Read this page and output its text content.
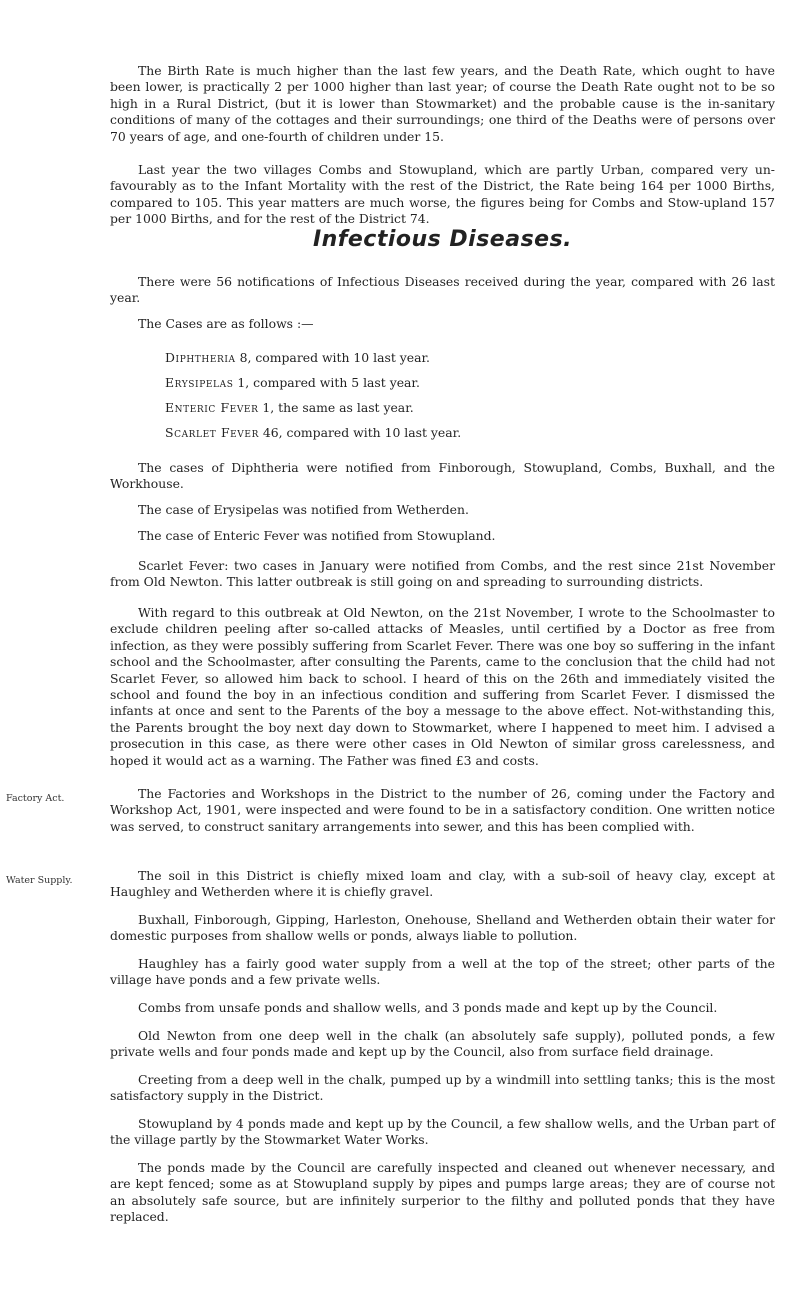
The Birth Rate is much higher than the last few years, and the Death Rate, which ought to have been lower, is practically 2 per 1000 higher than last year; of course the Death Rate ought not to be so high in a Rural District, (but it is lower than Stowmarket) and the probable cause is the in-sanitary conditions of many of the cottages and their surroundings; one third of the Deaths were of persons over 70 years of age, and one-fourth of children under 15.

Last year the two villages Combs and Stowupland, which are partly Urban, compared very un-favourably as to the Infant Mortality with the rest of the District, the Rate being 164 per 1000 Births, compared to 105. This year matters are much worse, the figures being for Combs and Stow-upland 157 per 1000 Births, and for the rest of the District 74.

Infectious Diseases.

There were 56 notifications of Infectious Diseases received during the year, compared with 26 last year.

The Cases are as follows :—

Diphtheria 8, compared with 10 last year.
Erysipelas 1, compared with 5 last year.
Enteric Fever 1, the same as last year.
Scarlet Fever 46, compared with 10 last year.

The cases of Diphtheria were notified from Finborough, Stowupland, Combs, Buxhall, and the Workhouse.

The case of Erysipelas was notified from Wetherden.

The case of Enteric Fever was notified from Stowupland.

Scarlet Fever: two cases in January were notified from Combs, and the rest since 21st November from Old Newton. This latter outbreak is still going on and spreading to surrounding districts.

With regard to this outbreak at Old Newton, on the 21st November, I wrote to the Schoolmaster to exclude children peeling after so-called attacks of Measles, until certified by a Doctor as free from infection, as they were possibly suffering from Scarlet Fever. There was one boy so suffering in the infant school and the Schoolmaster, after consulting the Parents, came to the conclusion that the child had not Scarlet Fever, so allowed him back to school. I heard of this on the 26th and immediately visited the school and found the boy in an infectious condition and suffering from Scarlet Fever. I dismissed the infants at once and sent to the Parents of the boy a message to the above effect. Not-withstanding this, the Parents brought the boy next day down to Stowmarket, where I happened to meet him. I advised a prosecution in this case, as there were other cases in Old Newton of similar gross carelessness, and hoped it would act as a warning. The Father was fined £3 and costs.

Factory Act.	The Factories and Workshops in the District to the number of 26, coming under the Factory and Workshop Act, 1901, were inspected and were found to be in a satisfactory condition. One written notice was served, to construct sanitary arrangements into sewer, and this has been complied with.

Water Supply.	The soil in this District is chiefly mixed loam and clay, with a sub-soil of heavy clay, except at Haughley and Wetherden where it is chiefly gravel.

Buxhall, Finborough, Gipping, Harleston, Onehouse, Shelland and Wetherden obtain their water for domestic purposes from shallow wells or ponds, always liable to pollution.

Haughley has a fairly good water supply from a well at the top of the street; other parts of the village have ponds and a few private wells.

Combs from unsafe ponds and shallow wells, and 3 ponds made and kept up by the Council.

Old Newton from one deep well in the chalk (an absolutely safe supply), polluted ponds, a few private wells and four ponds made and kept up by the Council, also from surface field drainage.

Creeting from a deep well in the chalk, pumped up by a windmill into settling tanks; this is the most satisfactory supply in the District.

Stowupland by 4 ponds made and kept up by the Council, a few shallow wells, and the Urban part of the village partly by the Stowmarket Water Works.

The ponds made by the Council are carefully inspected and cleaned out whenever necessary, and are kept fenced; some as at Stowupland supply by pipes and pumps large areas; they are of course not an absolutely safe source, but are infinitely surperior to the filthy and polluted ponds that they have replaced.
